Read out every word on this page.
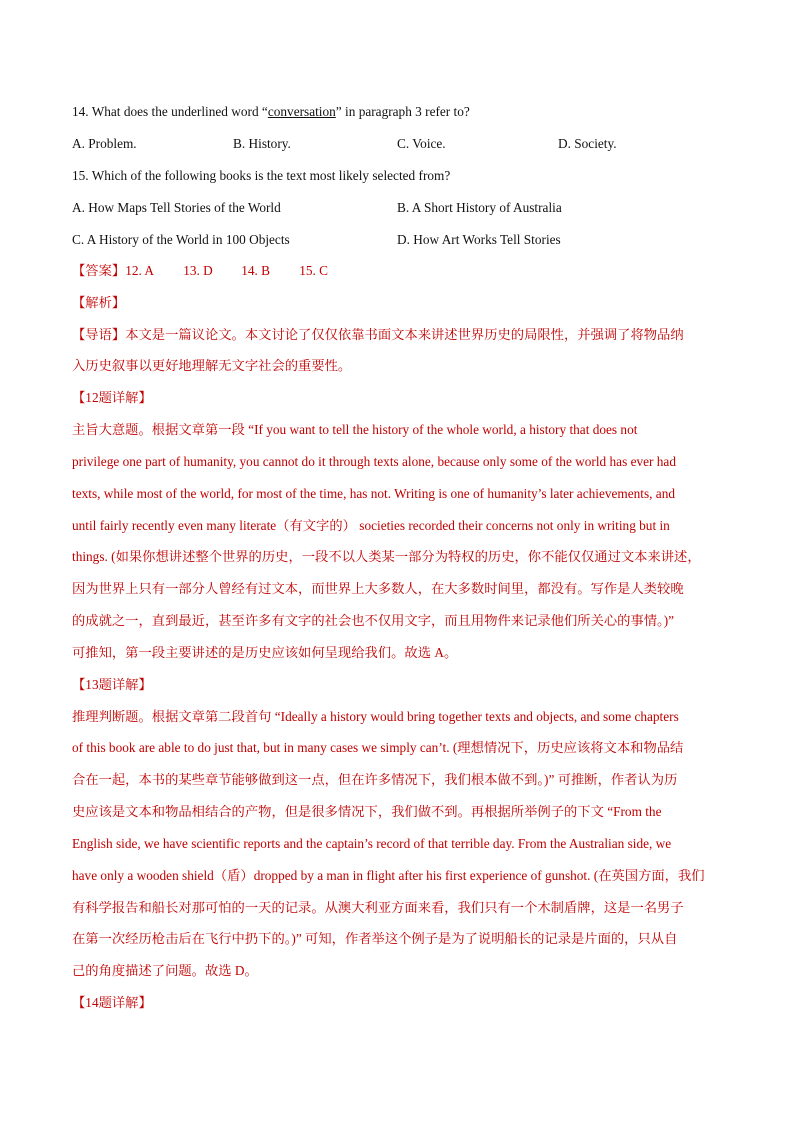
14. What does the underlined word “conversation” in paragraph 3 refer to?
A. Problem.	B. History.	C. Voice.	D. Society.
15. Which of the following books is the text most likely selected from?
A. How Maps Tell Stories of the World	B. A Short History of Australia
C. A History of the World in 100 Objects	D. How Art Works Tell Stories
【答案】12. A 13. D 14. B 15. C
【解析】
【导语】本文是一篇议论文。本文讨论了仅仅依靠书面文本来讲述世界历史的局限性，并强调了将物品纳
入历史叙事以更好地理解无文字社会的重要性。
【12题详解】
主旨大意题。根据文章第一段 “If you want to tell the history of the whole world, a history that does not
privilege one part of humanity, you cannot do it through texts alone, because only some of the world has ever had
texts, while most of the world, for most of the time, has not. Writing is one of humanity’s later achievements, and
until fairly recently even many literate（有文字的） societies recorded their concerns not only in writing but in
things. (如果你想讲述整个世界的历史，一段不以人类某一部分为特权的历史，你不能仅仅通过文本来讲述，
因为世界上只有一部分人曾经有过文本，而世界上大多数人，在大多数时间里，都没有。写作是人类较晚
的成就之一，直到最近，甚至许多有文字的社会也不仅用文字，而且用物件来记录他们所关心的事情。)”
可推知，第一段主要讲述的是历史应该如何呈现给我们。故选 A。
【13题详解】
推理判断题。根据文章第二段首句 “Ideally a history would bring together texts and objects, and some chapters
of this book are able to do just that, but in many cases we simply can’t. (理想情况下，历史应该将文本和物品结
合在一起，本书的某些章节能够做到这一点，但在许多情况下，我们根本做不到。)” 可推断，作者认为历
史应该是文本和物品相结合的产物，但是很多情况下，我们做不到。再根据所举例子的下文 “From the
English side, we have scientific reports and the captain’s record of that terrible day. From the Australian side, we
have only a wooden shield（盾）dropped by a man in flight after his first experience of gunshot. (在英国方面，我们
有科学报告和船长对那可怕的一天的记录。从澳大利亚方面来看，我们只有一个木制盾牌，这是一名男子
在第一次经历枪击后在飞行中扔下的。)” 可知，作者举这个例子是为了说明船长的记录是片面的，只从自
己的角度描述了问题。故选 D。
【14题详解】
